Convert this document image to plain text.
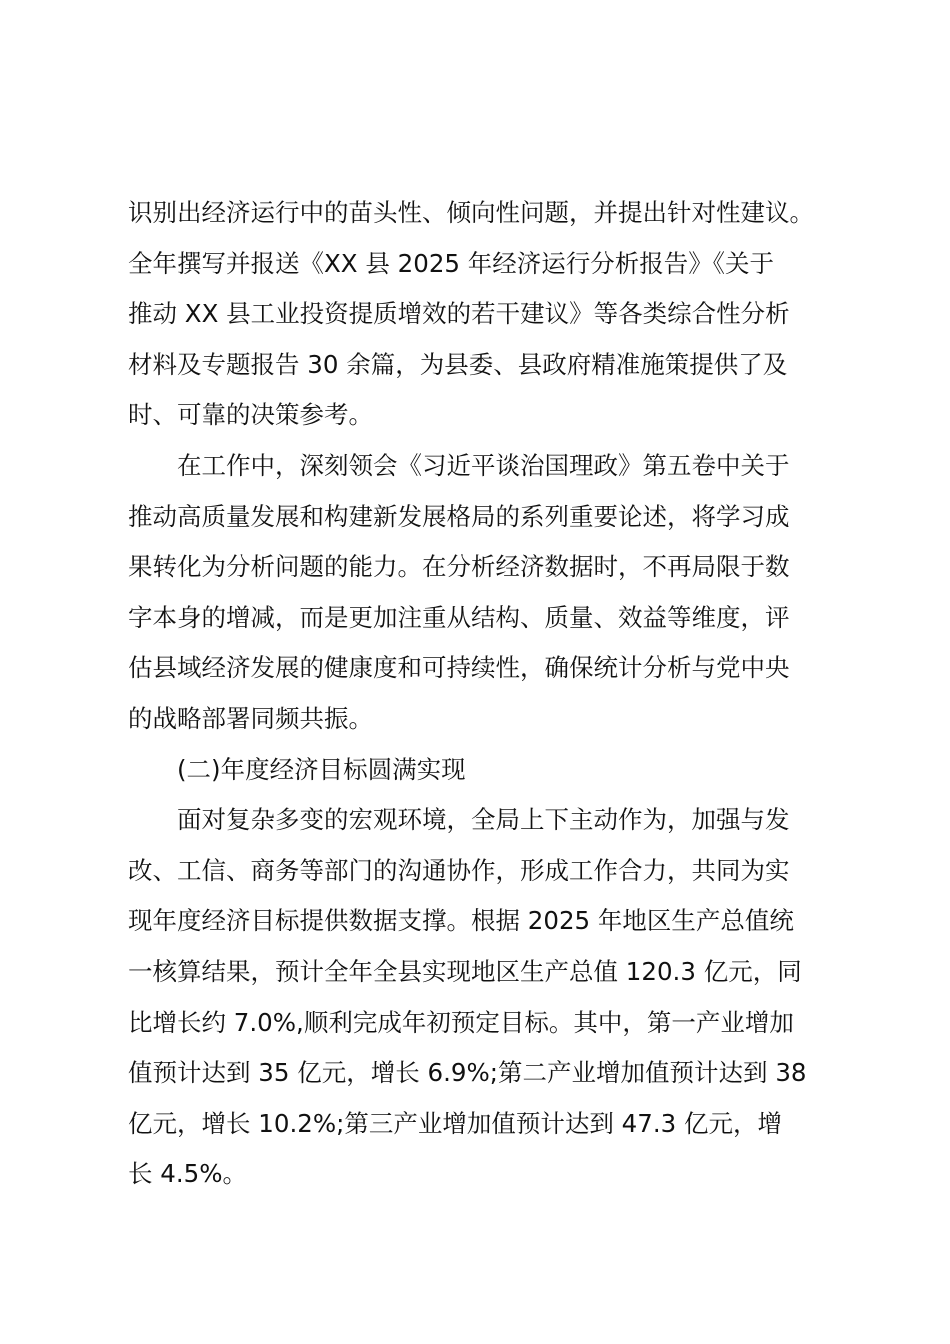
识别出经济运行中的苗头性、倾向性问题，并提出针对性建议。
全年撰写并报送《XX 县 2025 年经济运行分析报告》《关于
推动 XX 县工业投资提质增效的若干建议》等各类综合性分析
材料及专题报告 30 余篇，为县委、县政府精准施策提供了及
时、可靠的决策参考。
　　在工作中，深刻领会《习近平谈治国理政》第五卷中关于
推动高质量发展和构建新发展格局的系列重要论述，将学习成
果转化为分析问题的能力。在分析经济数据时，不再局限于数
字本身的增减，而是更加注重从结构、质量、效益等维度，评
估县域经济发展的健康度和可持续性，确保统计分析与党中央
的战略部署同频共振。
　　(二)年度经济目标圆满实现
　　面对复杂多变的宏观环境，全局上下主动作为，加强与发
改、工信、商务等部门的沟通协作，形成工作合力，共同为实
现年度经济目标提供数据支撑。根据 2025 年地区生产总值统
一核算结果，预计全年全县实现地区生产总值 120.3 亿元，同
比增长约 7.0%,顺利完成年初预定目标。其中，第一产业增加
值预计达到 35 亿元，增长 6.9%;第二产业增加值预计达到 38
亿元，增长 10.2%;第三产业增加值预计达到 47.3 亿元，增
长 4.5%。
